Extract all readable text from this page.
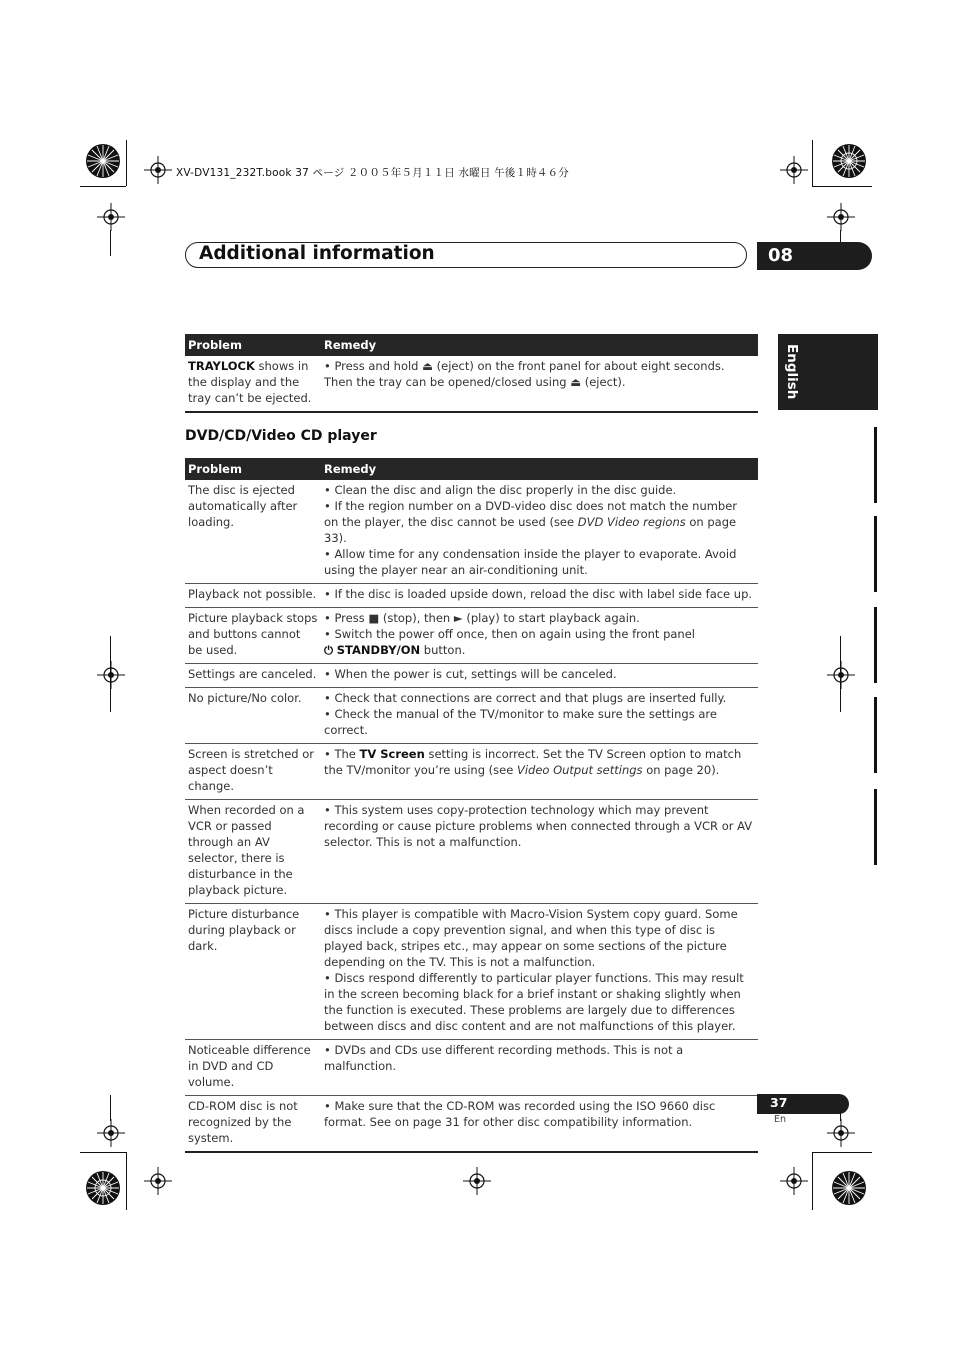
XV-DV131_232T.book 37 ページ ２００５年５月１１日 水曜日 午後１時４６分
Additional information	08
English
Problem	Remedy
TRAYLOCK shows in the display and the tray can’t be ejected.	• Press and hold ⏏ (eject) on the front panel for about eight seconds. Then the tray can be opened/closed using ⏏ (eject).
DVD/CD/Video CD player
Problem	Remedy
The disc is ejected automatically after loading.	• Clean the disc and align the disc properly in the disc guide.
• If the region number on a DVD-video disc does not match the number on the player, the disc cannot be used (see DVD Video regions on page 33).
• Allow time for any condensation inside the player to evaporate. Avoid using the player near an air-conditioning unit.

Playback not possible.	• If the disc is loaded upside down, reload the disc with label side face up.

Picture playback stops and buttons cannot be used.	• Press ■ (stop), then ► (play) to start playback again.
• Switch the power off once, then on again using the front panel
⏻ STANDBY/ON button.

Settings are canceled.	• When the power is cut, settings will be canceled.

No picture/No color.	• Check that connections are correct and that plugs are inserted fully.
• Check the manual of the TV/monitor to make sure the settings are correct.

Screen is stretched or aspect doesn’t change.	• The TV Screen setting is incorrect. Set the TV Screen option to match the TV/monitor you’re using (see Video Output settings on page 20).

When recorded on a VCR or passed through an AV selector, there is disturbance in the playback picture.	• This system uses copy-protection technology which may prevent recording or cause picture problems when connected through a VCR or AV selector. This is not a malfunction.

Picture disturbance during playback or dark.	• This player is compatible with Macro-Vision System copy guard. Some discs include a copy prevention signal, and when this type of disc is played back, stripes etc., may appear on some sections of the picture depending on the TV. This is not a malfunction.
• Discs respond differently to particular player functions. This may result in the screen becoming black for a brief instant or shaking slightly when the function is executed. These problems are largely due to differences between discs and disc content and are not malfunctions of this player.

Noticeable difference in DVD and CD volume.	• DVDs and CDs use different recording methods. This is not a malfunction.

CD-ROM disc is not recognized by the system.	• Make sure that the CD-ROM was recorded using the ISO 9660 disc format. See on page 31 for other disc compatibility information.
37
En
